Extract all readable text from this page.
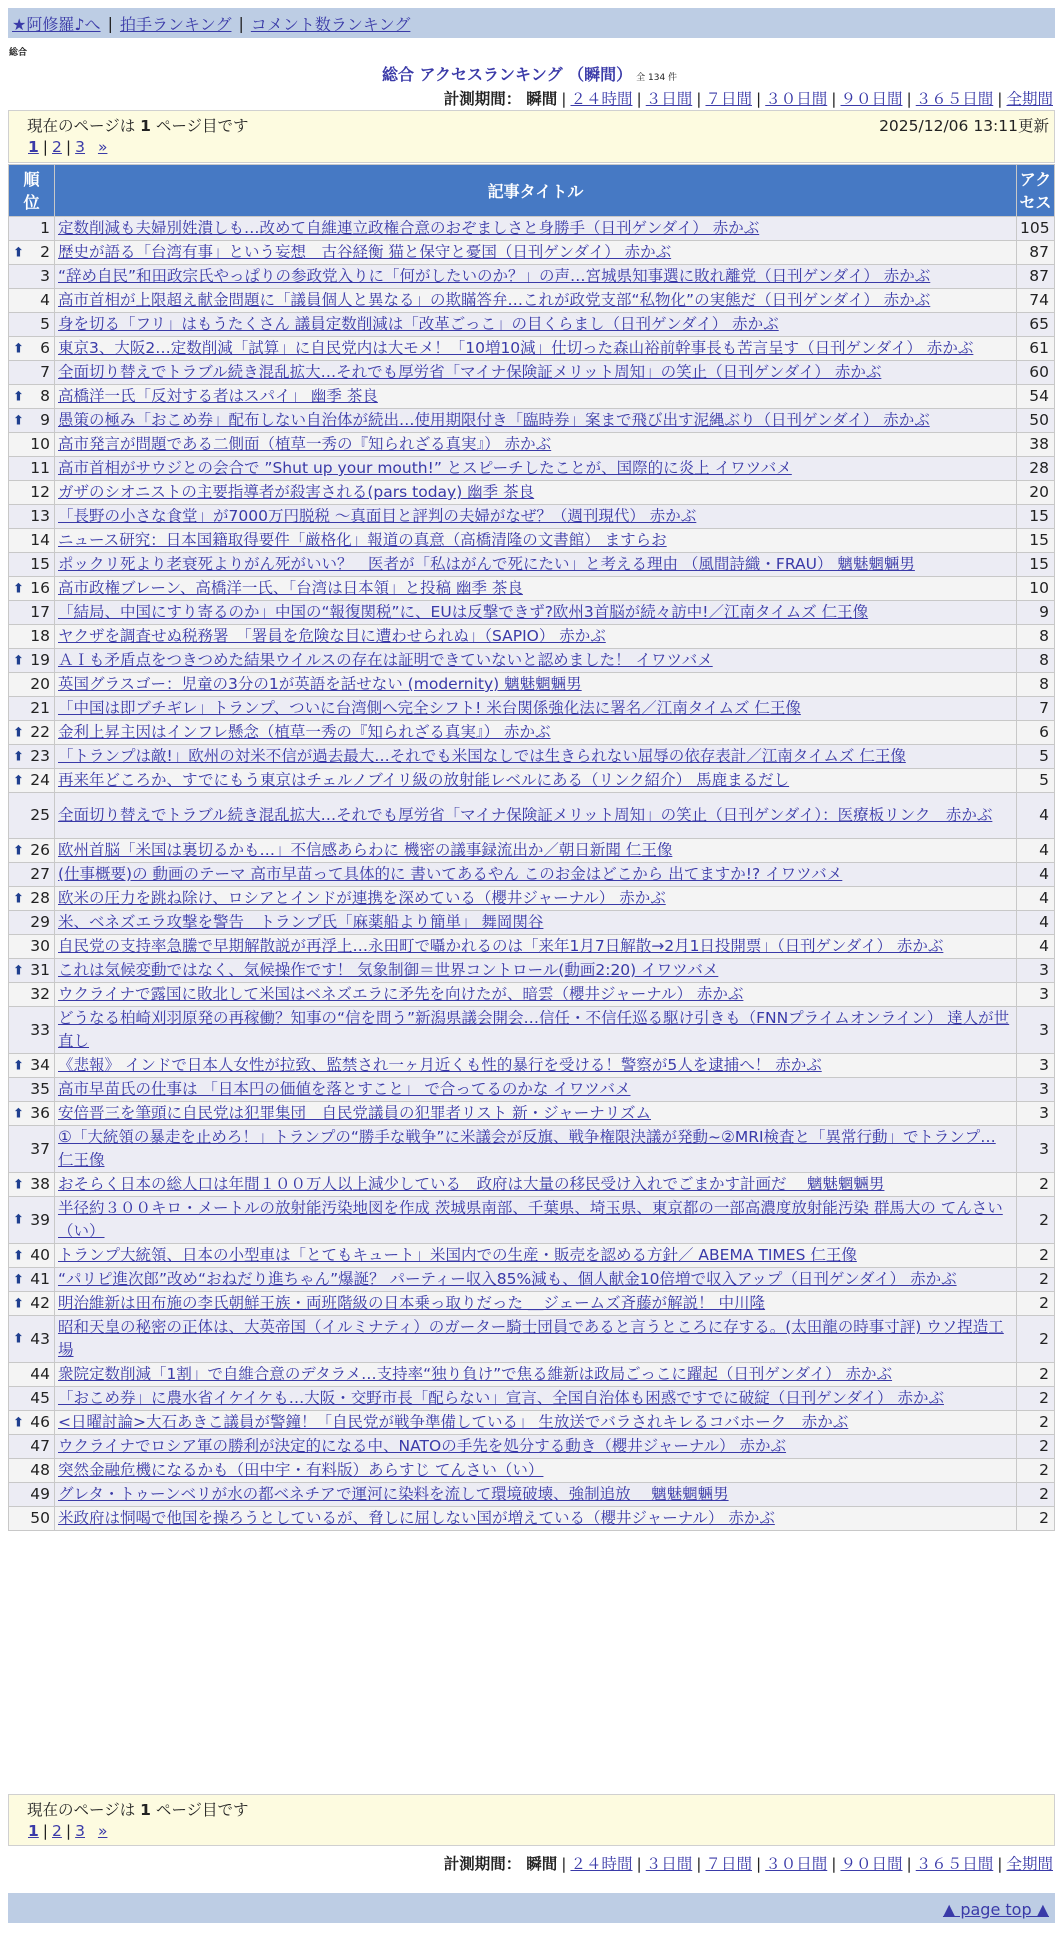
★阿修羅♪へ | 拍手ランキング | コメント数ランキング
総合
総合 アクセスランキング （瞬間） 全 134 件
計測期間： 瞬間 | ２４時間 | ３日間 | ７日間 | ３０日間 | ９０日間 | ３６５日間 | 全期間
現在のページは 1 ページ目です	2025/12/06 13:11更新
1 | 2 | 3 »
順位	記事タイトル	アクセス
1	定数削減も夫婦別姓潰しも…改めて自維連立政権合意のおぞましさと身勝手（日刊ゲンダイ） 赤かぶ	105

⬆ 2	歴史が語る「台湾有事」という妄想　古谷経衡 猫と保守と憂国（日刊ゲンダイ） 赤かぶ	87
3	“辞め自民”和田政宗氏やっぱりの参政党入りに「何がしたいのか？」の声…宮城県知事選に敗れ離党（日刊ゲンダイ） 赤かぶ	87
4	高市首相が上限超え献金問題に「議員個人と異なる」の欺瞞答弁…これが政党支部“私物化”の実態だ（日刊ゲンダイ） 赤かぶ	74
5	身を切る「フリ」はもうたくさん 議員定数削減は「改革ごっこ」の目くらまし（日刊ゲンダイ） 赤かぶ	65

⬆ 6	東京3、大阪2…定数削減「試算」に自民党内は大モメ！「10増10減」仕切った森山裕前幹事長も苦言呈す（日刊ゲンダイ） 赤かぶ	61
7	全面切り替えでトラブル続き混乱拡大…それでも厚労省「マイナ保険証メリット周知」の笑止（日刊ゲンダイ） 赤かぶ	60

⬆ 8	高橋洋一氏「反対する者はスパイ」 幽季 茶良	54

⬆ 9	愚策の極み「おこめ券」配布しない自治体が続出…使用期限付き「臨時券」案まで飛び出す泥縄ぶり（日刊ゲンダイ） 赤かぶ	50
10	高市発言が問題である二側面（植草一秀の『知られざる真実』） 赤かぶ	38
11	高市首相がサウジとの会合で ”Shut up your mouth!” とスピーチしたことが、国際的に炎上 イワツバメ	28
12	ガザのシオニストの主要指導者が殺害される(pars today) 幽季 茶良	20
13	「長野の小さな食堂」が7000万円脱税 ～真面目と評判の夫婦がなぜ？（週刊現代） 赤かぶ	15
14	ニュース研究：日本国籍取得要件「厳格化」報道の真意（高橋清隆の文書館） ますらお	15
15	ポックリ死より老衰死よりがん死がいい？　医者が「私はがんで死にたい」と考える理由 （風間詩織・FRAU） 魑魅魍魎男	15

⬆ 16	高市政権ブレーン、高橋洋一氏、「台湾は日本領」と投稿 幽季 茶良	10
17	「結局、中国にすり寄るのか」中国の“報復関税”に、EUは反撃できず?欧州3首脳が続々訪中!／江南タイムズ 仁王像	9
18	ヤクザを調査せぬ税務署　「署員を危険な目に遭わせられぬ」（SAPIO） 赤かぶ	8

⬆ 19	ＡＩも矛盾点をつきつめた結果ウイルスの存在は証明できていないと認めました！ イワツバメ	8
20	英国グラスゴー：児童の3分の1が英語を話せない (modernity) 魑魅魍魎男	8
21	「中国は即ブチギレ」トランプ、ついに台湾側へ完全シフト! 米台関係強化法に署名／江南タイムズ 仁王像	7

⬆ 22	金利上昇主因はインフレ懸念（植草一秀の『知られざる真実』） 赤かぶ	6

⬆ 23	「トランプは敵!」欧州の対米不信が過去最大…それでも米国なしでは生きられない屈辱の依存表計／江南タイムズ 仁王像	5

⬆ 24	再来年どころか、すでにもう東京はチェルノブイリ級の放射能レベルにある（リンク紹介） 馬鹿まるだし	5
25	全面切り替えでトラブル続き混乱拡大…それでも厚労省「マイナ保険証メリット周知」の笑止（日刊ゲンダイ）：医療板リンク　赤かぶ	4

⬆ 26	欧州首脳「米国は裏切るかも…」不信感あらわに 機密の議事録流出か／朝日新聞 仁王像	4
27	(仕事概要)の 動画のテーマ 高市早苗って具体的に 書いてあるやん このお金はどこから 出てますか!? イワツバメ	4

⬆ 28	欧米の圧力を跳ね除け、ロシアとインドが連携を深めている（櫻井ジャーナル） 赤かぶ	4
29	米、ベネズエラ攻撃を警告　トランプ氏「麻薬船より簡単」 舞岡関谷	4
30	自民党の支持率急騰で早期解散説が再浮上…永田町で囁かれるのは「来年1月7日解散→2月1日投開票」（日刊ゲンダイ） 赤かぶ	4

⬆ 31	これは気候変動ではなく、気候操作です！ 気象制御＝世界コントロール(動画2:20) イワツバメ	3
32	ウクライナで露国に敗北して米国はベネズエラに矛先を向けたが、暗雲（櫻井ジャーナル） 赤かぶ	3
33	どうなる柏崎刈羽原発の再稼働？知事の“信を問う”新潟県議会開会…信任・不信任巡る駆け引きも（FNNプライムオンライン） 達人が世直し	3

⬆ 34	《悲報》 インドで日本人女性が拉致、監禁され一ヶ月近くも性的暴行を受ける！警察が5人を逮捕へ！ 赤かぶ	3
35	高市早苗氏の仕事は 「日本円の価値を落とすこと」 で合ってるのかな イワツバメ	3

⬆ 36	安倍晋三を筆頭に自民党は犯罪集団　自民党議員の犯罪者リスト 新・ジャーナリズム	3
37	①「大統領の暴走を止めろ！」トランプの“勝手な戦争”に米議会が反旗、戦争権限決議が発動~②MRI検査と「異常行動」でトランプ… 仁王像	3

⬆ 38	おそらく日本の総人口は年間１００万人以上減少している　政府は大量の移民受け入れでごまかす計画だ　 魑魅魍魎男	2

⬆ 39	半径約３００キロ・メートルの放射能汚染地図を作成 茨城県南部、千葉県、埼玉県、東京都の一部高濃度放射能汚染 群馬大の てんさい（い）	2

⬆ 40	トランプ大統領、日本の小型車は「とてもキュート」米国内での生産・販売を認める方針／ ABEMA TIMES 仁王像	2

⬆ 41	“パリピ進次郎”改め“おねだり進ちゃん”爆誕？ パーティー収入85%減も、個人献金10倍増で収入アップ（日刊ゲンダイ） 赤かぶ	2

⬆ 42	明治維新は田布施の李氏朝鮮王族・両班階級の日本乗っ取りだった ＿ジェームズ斉藤が解説！ 中川隆	2

⬆ 43	昭和天皇の秘密の正体は、大英帝国（イルミナティ）のガーター騎士団員であると言うところに存する。(太田龍の時事寸評) ウソ捏造工場	2
44	衆院定数削減「1割」で自維合意のデタラメ…支持率“独り負け”で焦る維新は政局ごっこに躍起（日刊ゲンダイ） 赤かぶ	2
45	「おこめ券」に農水省イケイケも…大阪・交野市長「配らない」宣言、全国自治体も困惑ですでに破綻（日刊ゲンダイ） 赤かぶ	2

⬆ 46	<日曜討論>大石あきこ議員が警鐘！「自民党が戦争準備している」 生放送でバラされキレるコバホーク　赤かぶ	2
47	ウクライナでロシア軍の勝利が決定的になる中、NATOの手先を処分する動き（櫻井ジャーナル） 赤かぶ	2
48	突然金融危機になるかも（田中宇・有料版）あらすじ てんさい（い）	2
49	グレタ・トゥーンベリが水の都ベネチアで運河に染料を流して環境破壊、強制追放　 魑魅魍魎男	2
50	米政府は恫喝で他国を操ろうとしているが、脅しに屈しない国が増えている（櫻井ジャーナル） 赤かぶ	2
現在のページは 1 ページ目です
1 | 2 | 3 »
計測期間： 瞬間 | ２４時間 | ３日間 | ７日間 | ３０日間 | ９０日間 | ３６５日間 | 全期間
▲ page top ▲
